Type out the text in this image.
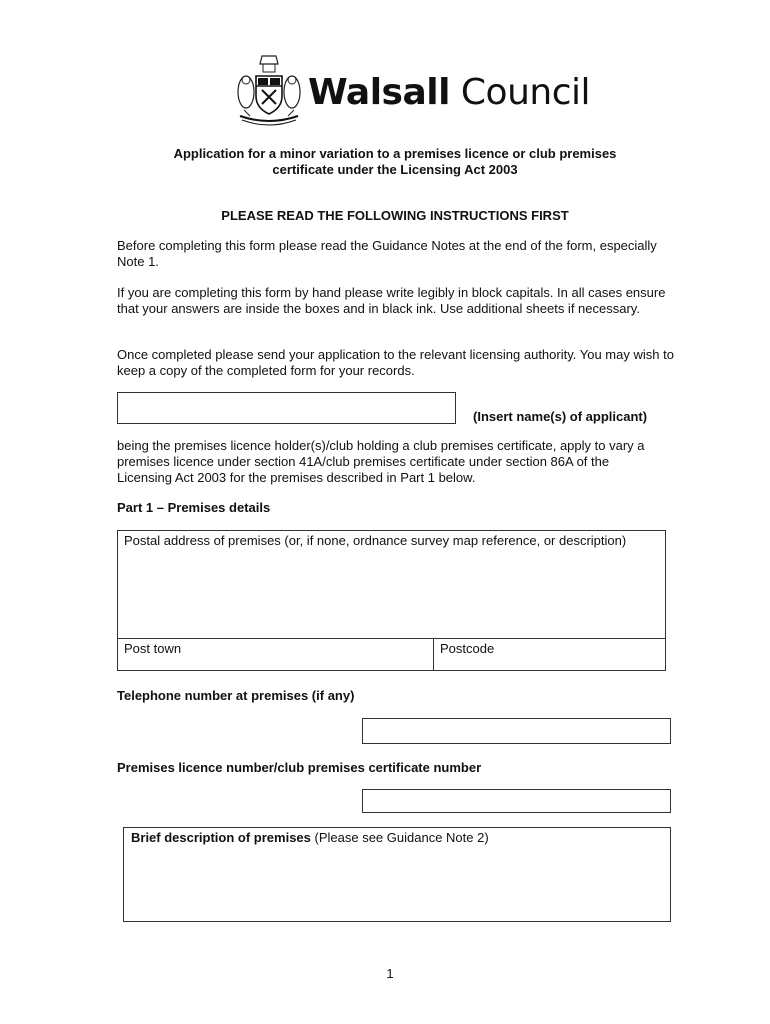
Walsall Council
Application for a minor variation to a premises licence or club premises
certificate under the Licensing Act 2003
PLEASE READ THE FOLLOWING INSTRUCTIONS FIRST
Before completing this form please read the Guidance Notes at the end of the form, especially Note 1.
If you are completing this form by hand please write legibly in block capitals. In all cases ensure that your answers are inside the boxes and in black ink. Use additional sheets if necessary.
Once completed please send your application to the relevant licensing authority. You may wish to keep a copy of the completed form for your records.
(Insert name(s) of applicant)
being the premises licence holder(s)/club holding a club premises certificate, apply to vary a premises licence under section 41A/club premises certificate under section 86A of the Licensing Act 2003 for the premises described in Part 1 below.
Part 1 – Premises details
Postal address of premises (or, if none, ordnance survey map reference, or description)
Post town	Postcode
Telephone number at premises (if any)
Premises licence number/club premises certificate number
Brief description of premises (Please see Guidance Note 2)
1
